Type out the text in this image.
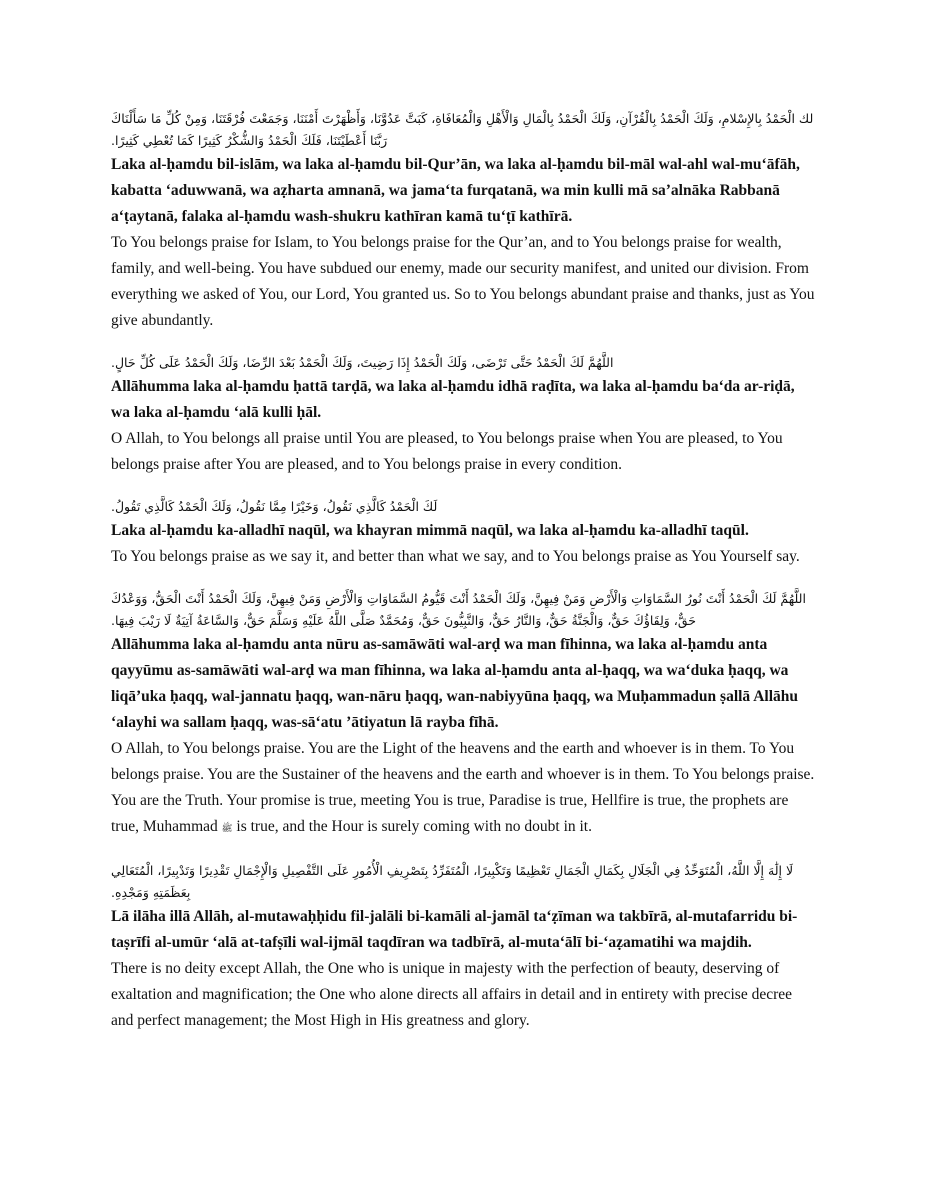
لك الْحَمْدُ بِالإِسْلامِ، وَلَكَ الْحَمْدُ بِالْقُرْآنِ، وَلَكَ الْحَمْدُ بِالْمَالِ وَالْأَهْلِ وَالْمُعَافَاةِ، كَبَتَّ عَدُوَّنَا، وَأَظْهَرْتَ أَمْنَنَا، وَجَمَعْتَ فُرْقَتَنَا، وَمِنْ كُلِّ مَا سَأَلْنَاكَ رَبَّنَا أَعْطَيْتَنَا، فَلَكَ الْحَمْدُ وَالشُّكْرُ كَثِيرًا كَمَا تُعْطِي كَثِيرًا.
Laka al-ḥamdu bil-islām, wa laka al-ḥamdu bil-Qur’ān, wa laka al-ḥamdu bil-māl wal-ahl wal-mu‘āfāh, kabatta ‘aduwwanā, wa aẓharta amnanā, wa jama‘ta furqatanā, wa min kulli mā sa’alnāka Rabbanā a‘ṭaytanā, falaka al-ḥamdu wash-shukru kathīran kamā tu‘ṭī kathīrā.
To You belongs praise for Islam, to You belongs praise for the Qur’an, and to You belongs praise for wealth, family, and well-being. You have subdued our enemy, made our security manifest, and united our division. From everything we asked of You, our Lord, You granted us. So to You belongs abundant praise and thanks, just as You give abundantly.
اللَّهُمَّ لَكَ الْحَمْدُ حَتَّى تَرْضَى، وَلَكَ الْحَمْدُ إِذَا رَضِيتَ، وَلَكَ الْحَمْدُ بَعْدَ الرِّضَا، وَلَكَ الْحَمْدُ عَلَى كُلِّ حَالٍ.
Allāhumma laka al-ḥamdu ḥattā tarḍā, wa laka al-ḥamdu idhā raḍīta, wa laka al-ḥamdu ba‘da ar-riḍā, wa laka al-ḥamdu ‘alā kulli ḥāl.
O Allah, to You belongs all praise until You are pleased, to You belongs praise when You are pleased, to You belongs praise after You are pleased, and to You belongs praise in every condition.
لَكَ الْحَمْدُ كَالَّذِي نَقُولُ، وَخَيْرًا مِمَّا نَقُولُ، وَلَكَ الْحَمْدُ كَالَّذِي تَقُولُ.
Laka al-ḥamdu ka-alladhī naqūl, wa khayran mimmā naqūl, wa laka al-ḥamdu ka-alladhī taqūl.
To You belongs praise as we say it, and better than what we say, and to You belongs praise as You Yourself say.
اللَّهُمَّ لَكَ الْحَمْدُ أَنْتَ نُورُ السَّمَاوَاتِ وَالْأَرْضِ وَمَنْ فِيهِنَّ، وَلَكَ الْحَمْدُ أَنْتَ قَيُّومُ السَّمَاوَاتِ وَالْأَرْضِ وَمَنْ فِيهِنَّ، وَلَكَ الْحَمْدُ أَنْتَ الْحَقُّ، وَوَعْدُكَ حَقٌّ، وَلِقَاؤُكَ حَقٌّ، وَالْجَنَّةُ حَقٌّ، وَالنَّارُ حَقٌّ، وَالنَّبِيُّونَ حَقٌّ، وَمُحَمَّدٌ صَلَّى اللَّهُ عَلَيْهِ وَسَلَّمَ حَقٌّ، وَالسَّاعَةُ آتِيَةٌ لَا رَيْبَ فِيهَا.
Allāhumma laka al-ḥamdu anta nūru as-samāwāti wal-arḍ wa man fīhinna, wa laka al-ḥamdu anta qayyūmu as-samāwāti wal-arḍ wa man fīhinna, wa laka al-ḥamdu anta al-ḥaqq, wa wa‘duka ḥaqq, wa liqā’uka ḥaqq, wal-jannatu ḥaqq, wan-nāru ḥaqq, wan-nabiyyūna ḥaqq, wa Muḥammadun ṣallā Allāhu ‘alayhi wa sallam ḥaqq, was-sā‘atu ’ātiyatun lā rayba fīhā.
O Allah, to You belongs praise. You are the Light of the heavens and the earth and whoever is in them. To You belongs praise. You are the Sustainer of the heavens and the earth and whoever is in them. To You belongs praise. You are the Truth. Your promise is true, meeting You is true, Paradise is true, Hellfire is true, the prophets are true, Muhammad ﷺ is true, and the Hour is surely coming with no doubt in it.
لَا إِلَٰهَ إِلَّا اللَّهُ، الْمُتَوَحِّدُ فِي الْجَلَالِ بِكَمَالِ الْجَمَالِ تَعْظِيمًا وَتَكْبِيرًا، الْمُتَفَرِّدُ بِتَصْرِيفِ الْأُمُورِ عَلَى التَّفْصِيلِ وَالْإِجْمَالِ تَقْدِيرًا وَتَدْبِيرًا، الْمُتَعَالِي بِعَظَمَتِهِ وَمَجْدِهِ.
Lā ilāha illā Allāh, al-mutawaḥḥidu fil-jalāli bi-kamāli al-jamāl ta‘ẓīman wa takbīrā, al-mutafarridu bi-taṣrīfi al-umūr ‘alā at-tafṣīli wal-ijmāl taqdīran wa tadbīrā, al-muta‘ālī bi-‘aẓamatihi wa majdih.
There is no deity except Allah, the One who is unique in majesty with the perfection of beauty, deserving of exaltation and magnification; the One who alone directs all affairs in detail and in entirety with precise decree and perfect management; the Most High in His greatness and glory.
